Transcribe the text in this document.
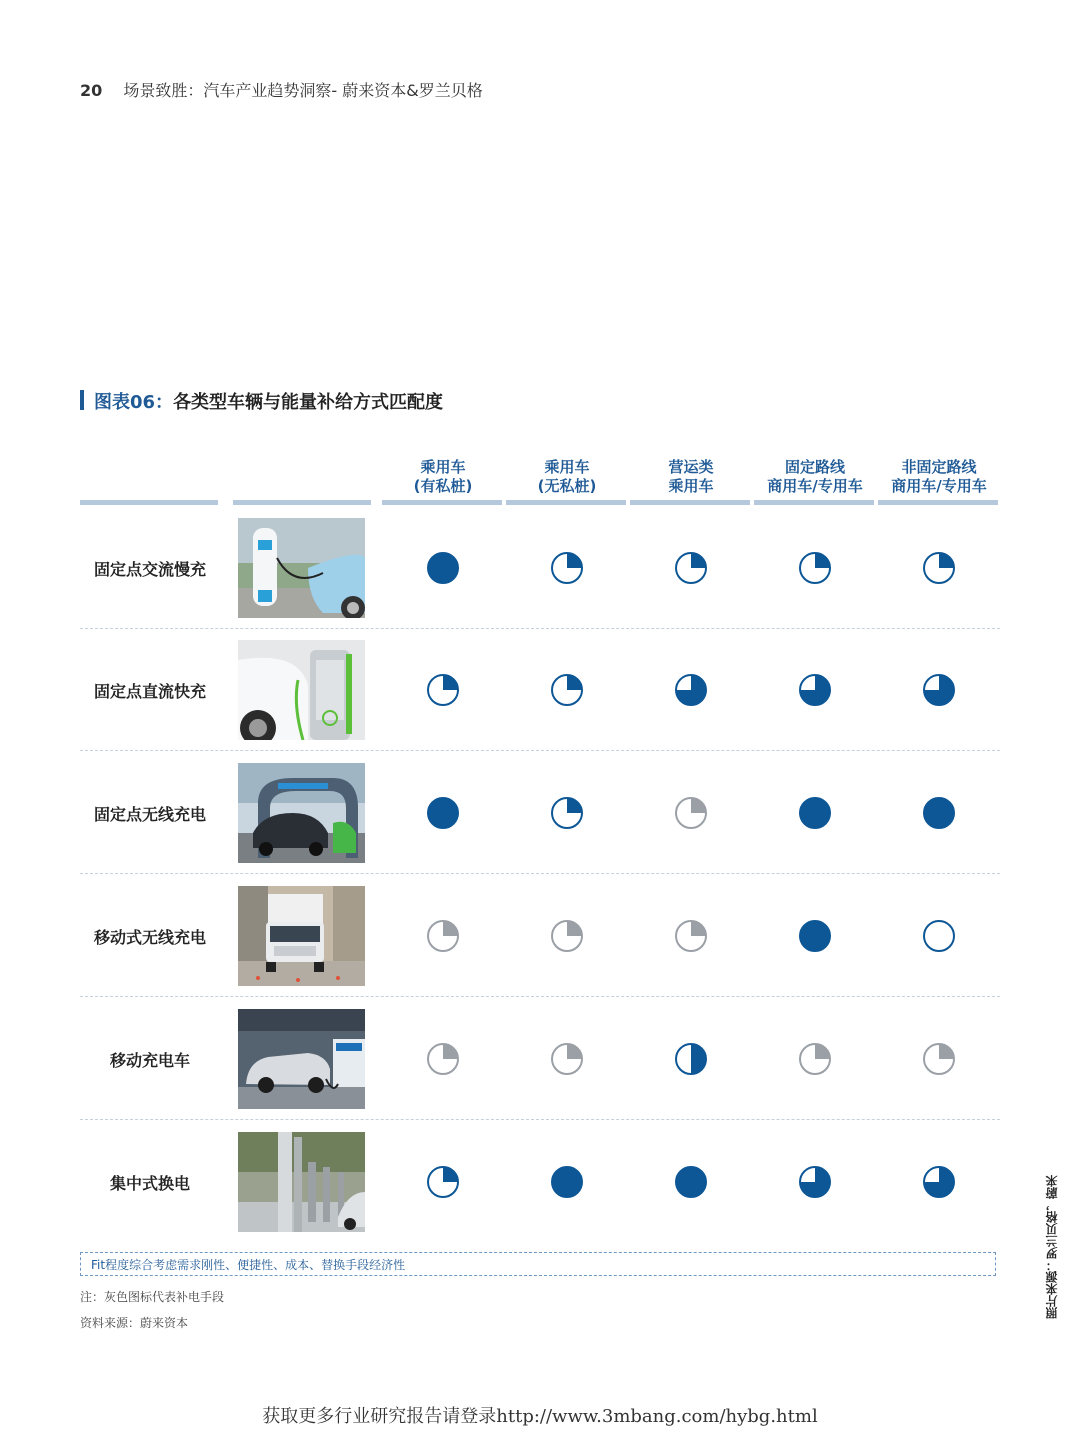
20 场景致胜：汽车产业趋势洞察- 蔚来资本&罗兰贝格
图表06：各类型车辆与能量补给方式匹配度
乘用车
(有私桩)
乘用车
(无私桩)
营运类
乘用车
固定路线
商用车/专用车
非固定路线
商用车/专用车
固定点交流慢充
固定点直流快充
固定点无线充电
移动式无线充电
移动充电车
集中式换电
Fit程度综合考虑需求刚性、便捷性、成本、替换手段经济性
注：灰色图标代表补电手段
资料来源：蔚来资本
照片来源：罗兰贝格，蔚来
获取更多行业研究报告请登录http://www.3mbang.com/hybg.html
